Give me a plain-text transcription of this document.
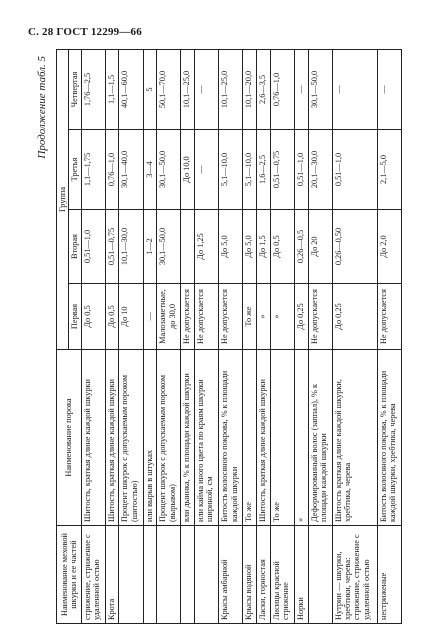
С. 28 ГОСТ 12299—66
Продолжение табл. 5
Наименование меховой шкурки и ее частей	Наименование порока	Группа			
		Первая	Вторая	Третья	Четвертая
стрижение, стрижение с удаленной остью	Шитость, краткая длине каждой шкурки	До 0,5	0,51—1,0	1,1—1,75	1,76—2,5
Крота	Шитость, краткая длине каждой шкурки	До 0,5	0,51—0,75	0,76—1,0	1,1—1,5
	Процент шкурок с допускаемым пороком (шитостью)	До 10	10,1—30,0	30,1—40,0	40,1—60,0
	или вырыв в штуках	—	1—2	3—4	5
	Процент шкурок с допускаемым пороком (вырывом)	Малозаметные, до 30,0	30,1—50,0	30,1—50,0	50,1—70,0
	вли дыинка, % к площади каждой шкурки	Не допускается		До 10,0	10,1—25,0
	или кайма иного цвета по краям шкурки шириной, см	Не допускается	До 1,25	—	—
Крысы амбарной	Битость волосяного покрова, % к площади каждой шкурки	Не допускается	До 5,0	5,1—10,0	10,1—25,0
Крысы водяной	То же	То же	До 5,0	5,1—10,0	10,1—20,0
Ласки, горностая	Шитость, краткая длине каждой шкурки	»	До 1,5	1,6—2,5	2,6—3,5
Лисицы красной стрижение	То же	»	До 0,5	0,51—0,75	0,76—1,0
Норки	»	До 0,25	0,26—0,5	0,51—1,0	—
	Деформированный волос (заппал), % к площади каждой шкурки	Не допускается	До 20	20,1—30,0	30,1—50,0
Нутрии — шкурки, хребтики, черева: стрижение, стрижение с удаленной остью	Шитость краткая длине каждой шкурки, хребтика, черева	До 0,25	0,26—0,50	0,51—1,0	—
нестриженые	Битость волосяного покрова, % к площади каждой шкурки, хребтика, черева	Не допускается	До 2,0	2,1—5,0	—
